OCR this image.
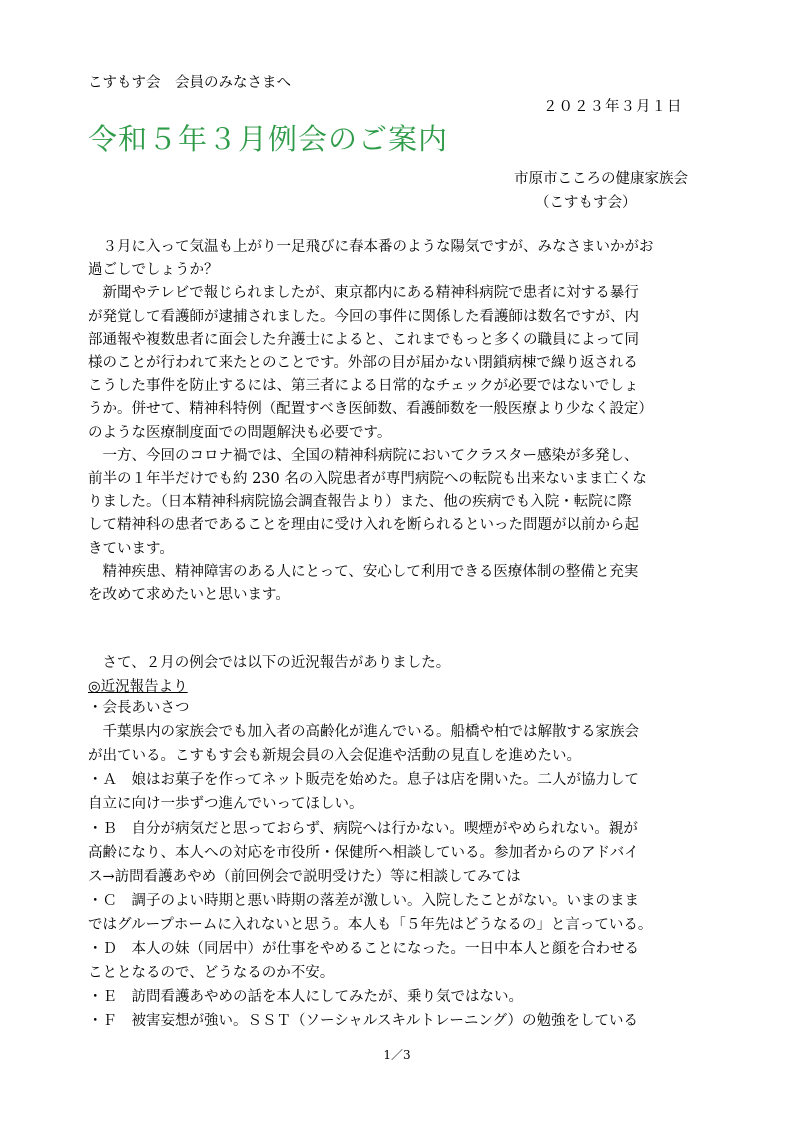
こすもす会　会員のみなさまへ
２０２３年３月１日
令和５年３月例会のご案内
市原市こころの健康家族会
（こすもす会）
　３月に入って気温も上がり一足飛びに春本番のような陽気ですが、みなさまいかがお
過ごしでしょうか？
　新聞やテレビで報じられましたが、東京都内にある精神科病院で患者に対する暴行
が発覚して看護師が逮捕されました。今回の事件に関係した看護師は数名ですが、内
部通報や複数患者に面会した弁護士によると、これまでもっと多くの職員によって同
様のことが行われて来たとのことです。外部の目が届かない閉鎖病棟で繰り返される
こうした事件を防止するには、第三者による日常的なチェックが必要ではないでしょ
うか。併せて、精神科特例（配置すべき医師数、看護師数を一般医療より少なく設定）
のような医療制度面での問題解決も必要です。
　一方、今回のコロナ禍では、全国の精神科病院においてクラスター感染が多発し、
前半の１年半だけでも約 230 名の入院患者が専門病院への転院も出来ないまま亡くな
りました。（日本精神科病院協会調査報告より）また、他の疾病でも入院・転院に際
して精神科の患者であることを理由に受け入れを断られるといった問題が以前から起
きています。
　精神疾患、精神障害のある人にとって、安心して利用できる医療体制の整備と充実
を改めて求めたいと思います。
　さて、２月の例会では以下の近況報告がありました。
◎近況報告より
・会長あいさつ
　千葉県内の家族会でも加入者の高齢化が進んでいる。船橋や柏では解散する家族会
が出ている。こすもす会も新規会員の入会促進や活動の見直しを進めたい。
・Ａ　娘はお菓子を作ってネット販売を始めた。息子は店を開いた。二人が協力して
自立に向け一歩ずつ進んでいってほしい。
・Ｂ　自分が病気だと思っておらず、病院へは行かない。喫煙がやめられない。親が
高齢になり、本人への対応を市役所・保健所へ相談している。参加者からのアドバイ
ス→訪問看護あやめ（前回例会で説明受けた）等に相談してみては
・Ｃ　調子のよい時期と悪い時期の落差が激しい。入院したことがない。いまのまま
ではグループホームに入れないと思う。本人も「５年先はどうなるの」と言っている。
・Ｄ　本人の妹（同居中）が仕事をやめることになった。一日中本人と顔を合わせる
こととなるので、どうなるのか不安。
・Ｅ　訪問看護あやめの話を本人にしてみたが、乗り気ではない。
・Ｆ　被害妄想が強い。ＳＳＴ（ソーシャルスキルトレーニング）の勉強をしている
1／3
